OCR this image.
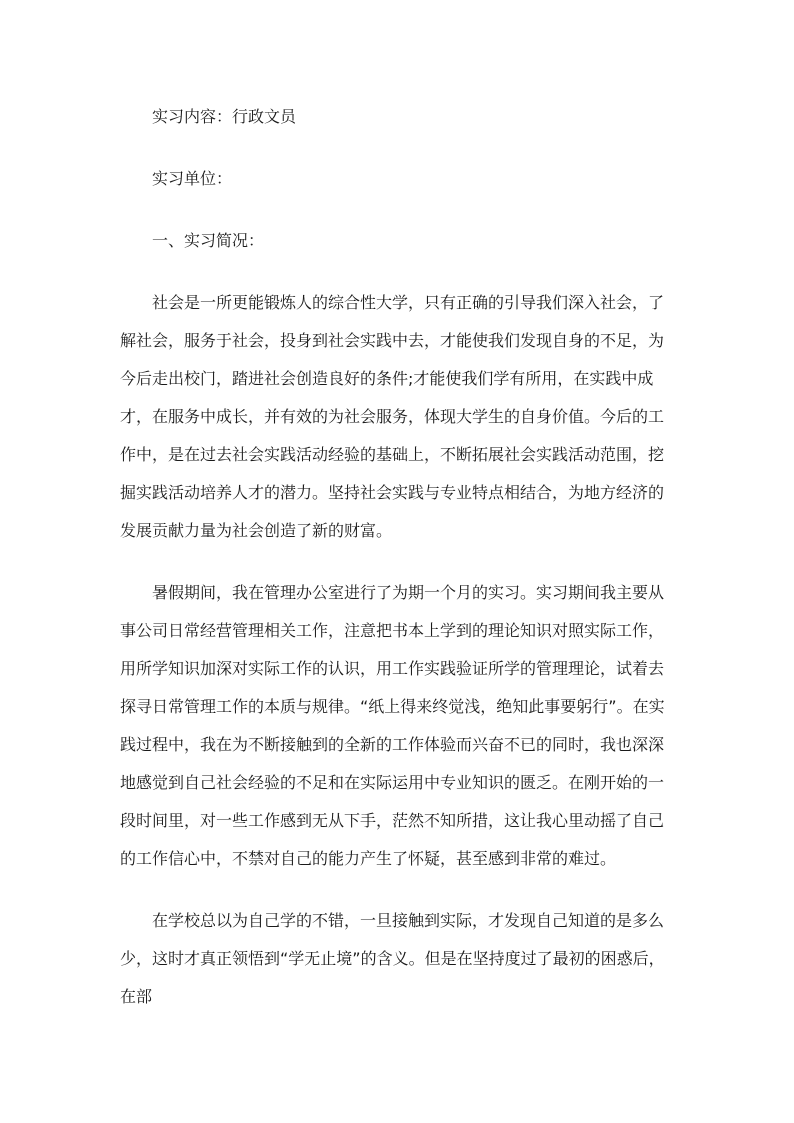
实习内容：行政文员

实习单位：

一、实习简况：

社会是一所更能锻炼人的综合性大学，只有正确的引导我们深入社会，了解社会，服务于社会，投身到社会实践中去，才能使我们发现自身的不足，为今后走出校门，踏进社会创造良好的条件;才能使我们学有所用，在实践中成才，在服务中成长，并有效的为社会服务，体现大学生的自身价值。今后的工作中，是在过去社会实践活动经验的基础上，不断拓展社会实践活动范围，挖掘实践活动培养人才的潜力。坚持社会实践与专业特点相结合，为地方经济的发展贡献力量为社会创造了新的财富。

暑假期间，我在管理办公室进行了为期一个月的实习。实习期间我主要从事公司日常经营管理相关工作，注意把书本上学到的理论知识对照实际工作，用所学知识加深对实际工作的认识，用工作实践验证所学的管理理论，试着去探寻日常管理工作的本质与规律。“纸上得来终觉浅，绝知此事要躬行”。在实践过程中，我在为不断接触到的全新的工作体验而兴奋不已的同时，我也深深地感觉到自己社会经验的不足和在实际运用中专业知识的匮乏。在刚开始的一段时间里，对一些工作感到无从下手，茫然不知所措，这让我心里动摇了自己的工作信心中，不禁对自己的能力产生了怀疑，甚至感到非常的难过。

在学校总以为自己学的不错，一旦接触到实际，才发现自己知道的是多么少，这时才真正领悟到“学无止境”的含义。但是在坚持度过了最初的困惑后，在部
